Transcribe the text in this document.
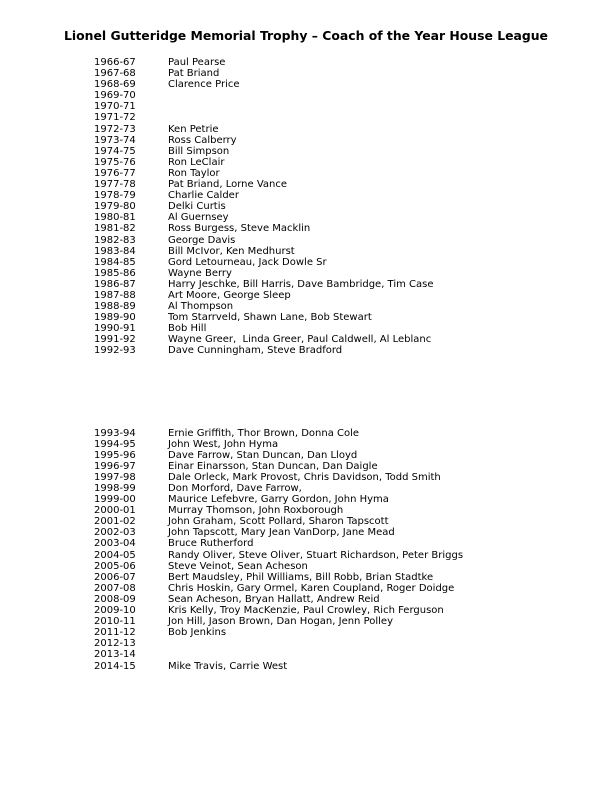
Lionel Gutteridge Memorial Trophy – Coach of the Year House League
1966-67	Paul Pearse
1967-68	Pat Briand
1968-69	Clarence Price
1969-70
1970-71
1971-72
1972-73	Ken Petrie
1973-74	Ross Calberry
1974-75	Bill Simpson
1975-76	Ron LeClair
1976-77	Ron Taylor
1977-78	Pat Briand, Lorne Vance
1978-79	Charlie Calder
1979-80	Delki Curtis
1980-81	Al Guernsey
1981-82	Ross Burgess, Steve Macklin
1982-83	George Davis
1983-84	Bill McIvor, Ken Medhurst
1984-85	Gord Letourneau, Jack Dowle Sr
1985-86	Wayne Berry
1986-87	Harry Jeschke, Bill Harris, Dave Bambridge, Tim Case
1987-88	Art Moore, George Sleep
1988-89	Al Thompson
1989-90	Tom Starrveld, Shawn Lane, Bob Stewart
1990-91	Bob Hill
1991-92	Wayne Greer,  Linda Greer, Paul Caldwell, Al Leblanc
1992-93	Dave Cunningham, Steve Bradford
1993-94	Ernie Griffith, Thor Brown, Donna Cole
1994-95	John West, John Hyma
1995-96	Dave Farrow, Stan Duncan, Dan Lloyd
1996-97	Einar Einarsson, Stan Duncan, Dan Daigle
1997-98	Dale Orleck, Mark Provost, Chris Davidson, Todd Smith
1998-99	Don Morford, Dave Farrow,
1999-00	Maurice Lefebvre, Garry Gordon, John Hyma
2000-01	Murray Thomson, John Roxborough
2001-02	John Graham, Scott Pollard, Sharon Tapscott
2002-03	John Tapscott, Mary Jean VanDorp, Jane Mead
2003-04	Bruce Rutherford
2004-05	Randy Oliver, Steve Oliver, Stuart Richardson, Peter Briggs
2005-06	Steve Veinot, Sean Acheson
2006-07	Bert Maudsley, Phil Williams, Bill Robb, Brian Stadtke
2007-08	Chris Hoskin, Gary Ormel, Karen Coupland, Roger Doidge
2008-09	Sean Acheson, Bryan Hallatt, Andrew Reid
2009-10	Kris Kelly, Troy MacKenzie, Paul Crowley, Rich Ferguson
2010-11	Jon Hill, Jason Brown, Dan Hogan, Jenn Polley
2011-12	Bob Jenkins
2012-13
2013-14
2014-15	Mike Travis, Carrie West
